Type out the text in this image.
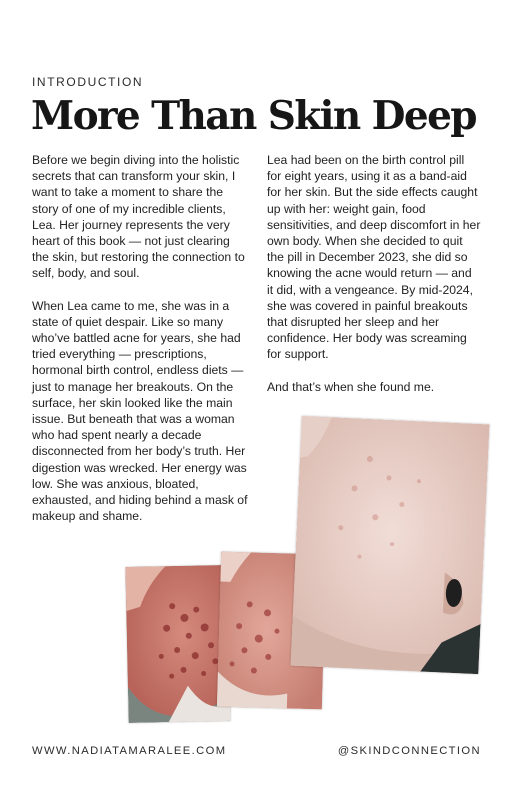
INTRODUCTION
More Than Skin Deep

Before we begin diving into the holistic secrets that can transform your skin, I want to take a moment to share the story of one of my incredible clients, Lea. Her journey represents the very heart of this book — not just clearing the skin, but restoring the connection to self, body, and soul.

When Lea came to me, she was in a state of quiet despair. Like so many who’ve battled acne for years, she had tried everything — prescriptions, hormonal birth control, endless diets — just to manage her breakouts. On the surface, her skin looked like the main issue. But beneath that was a woman who had spent nearly a decade disconnected from her body’s truth. Her digestion was wrecked. Her energy was low. She was anxious, bloated, exhausted, and hiding behind a mask of makeup and shame.

Lea had been on the birth control pill for eight years, using it as a band-aid for her skin. But the side effects caught up with her: weight gain, food sensitivities, and deep discomfort in her own body. When she decided to quit the pill in December 2023, she did so knowing the acne would return — and it did, with a vengeance. By mid-2024, she was covered in painful breakouts that disrupted her sleep and her confidence. Her body was screaming for support.

And that’s when she found me.

WWW.NADIATAMARALEE.COM	@SKINDCONNECTION
